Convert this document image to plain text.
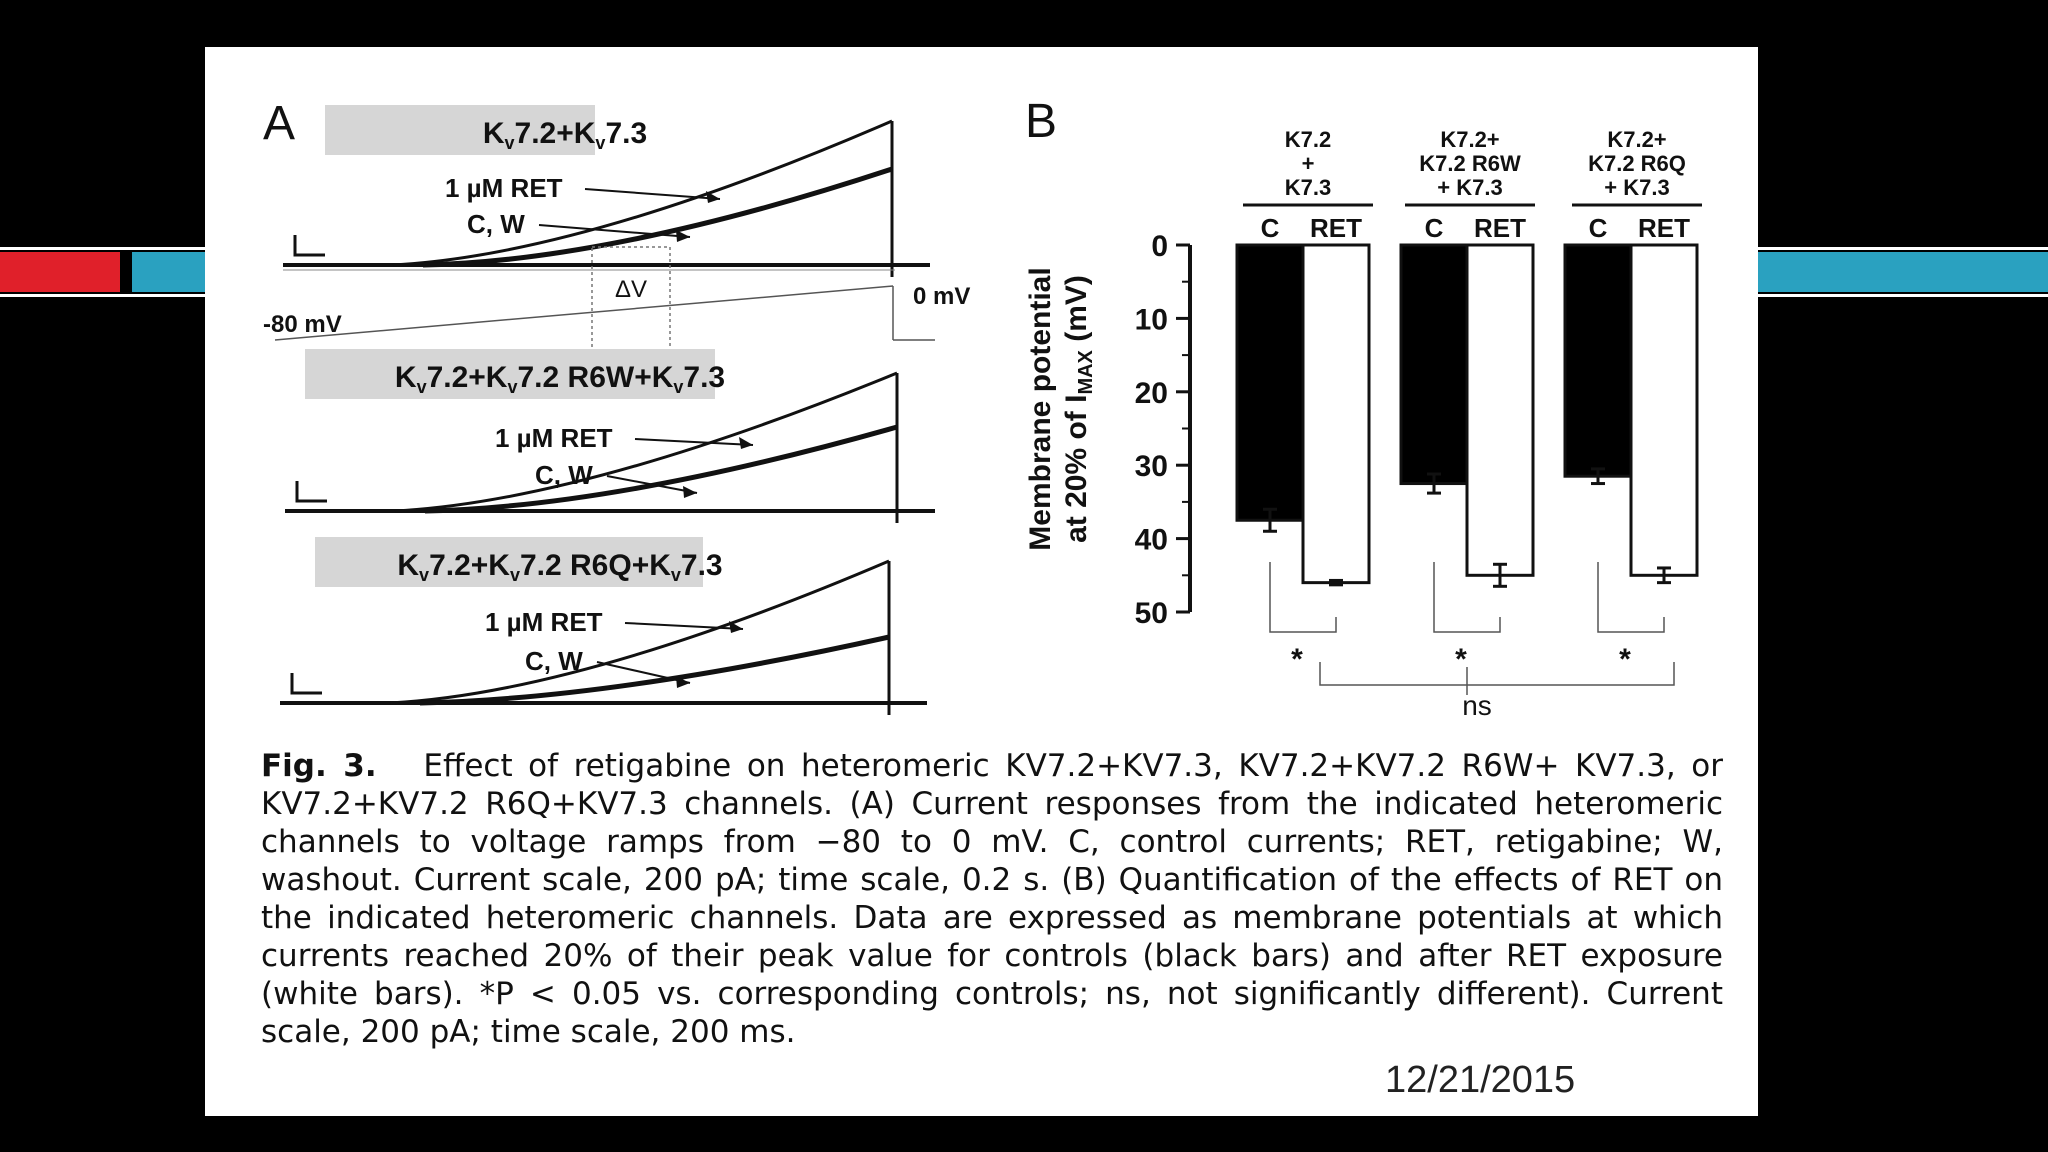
A	$K_v7.2+K_v7.3$
1 µM RET
C, W
-80 mV
0 mV
ΔV
$K_v7.2+K_v7.2$ $R6W+K_v7.3$
1 µM RET
C, W
$K_v7.2+K_v7.2$ $R6Q+K_v7.3$
1 µM RET
C, W
B
0
10
20
30
40
50
Membrane potential at 20% of $I_{MAX}$ (mV)
K7.2
+
K7.3
C RET
*
K7.2+
K7.2 R6W
+ K7.3
C RET
*
K7.2+
K7.2 R6Q
+ K7.3
C RET
*
ns

Fig. 3. Effect of retigabine on heteromeric KV7.2+KV7.3, KV7.2+KV7.2 R6W+ KV7.3, or KV7.2+KV7.2 R6Q+KV7.3 channels. (A) Current responses from the indicated heteromeric channels to voltage ramps from −80 to 0 mV. C, control currents; RET, retigabine; W, washout. Current scale, 200 pA; time scale, 0.2 s. (B) Quantification of the effects of RET on the indicated heteromeric channels. Data are expressed as membrane potentials at which currents reached 20% of their peak value for controls (black bars) and after RET exposure (white bars). *P < 0.05 vs. corresponding controls; ns, not significantly different). Current scale, 200 pA; time scale, 200 ms.

12/21/2015
